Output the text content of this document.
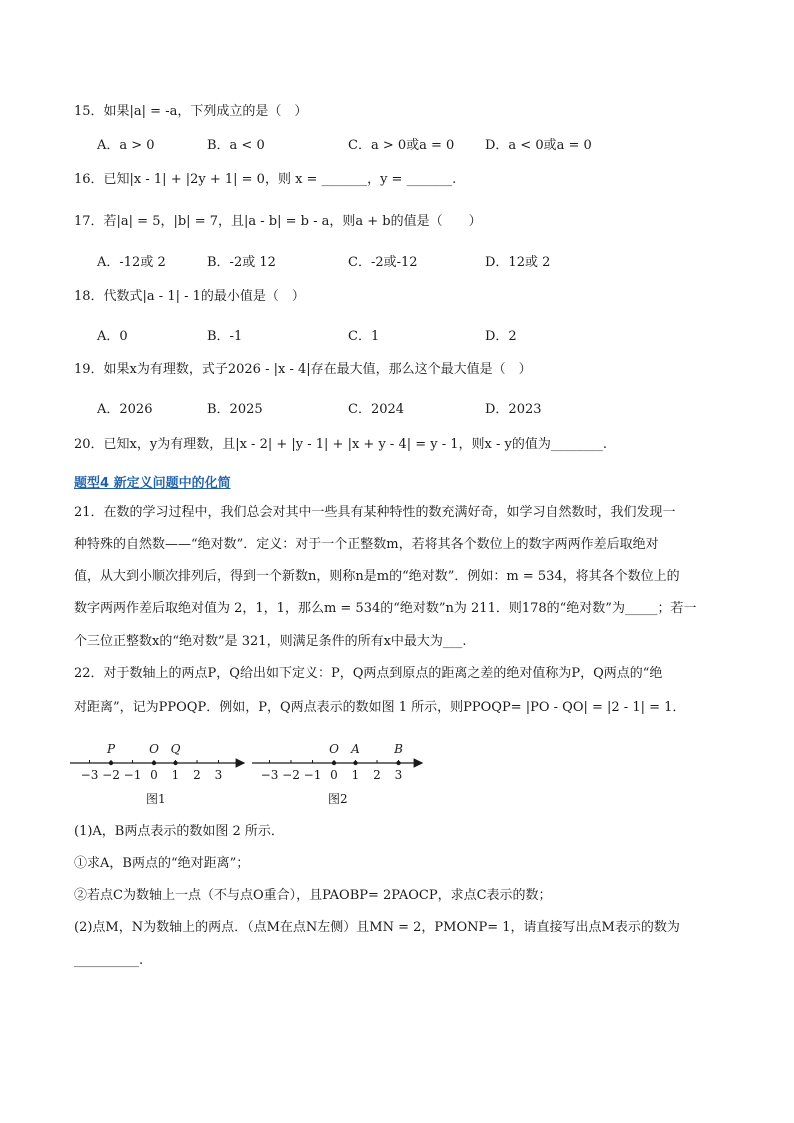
15．如果|a| = -a，下列成立的是（　）
A．a > 0	B．a < 0	C．a > 0或a = 0 D．a < 0或a = 0
16．已知|x - 1| + |2y + 1| = 0，则 x = _______，y = _______.
17．若|a| = 5，|b| = 7，且|a - b| = b - a，则a + b的值是（　　）
A．-12或 2	B．-2或 12	C．-2或-12	D．12或 2
18．代数式|a - 1| - 1的最小值是（　）
A．0	B．-1	C．1	D．2
19．如果x为有理数，式子2026 - |x - 4|存在最大值，那么这个最大值是（　）
A．2026	B．2025	C．2024	D．2023
20．已知x，y为有理数，且|x - 2| + |y - 1| + |x + y - 4| = y - 1，则x - y的值为________.
题型4 新定义问题中的化简
21．在数的学习过程中，我们总会对其中一些具有某种特性的数充满好奇，如学习自然数时，我们发现一
种特殊的自然数——“绝对数”．定义：对于一个正整数m，若将其各个数位上的数字两两作差后取绝对
值，从大到小顺次排列后，得到一个新数n，则称n是m的“绝对数”．例如：m = 534，将其各个数位上的
数字两两作差后取绝对值为 2，1，1，那么m = 534的“绝对数”n为 211．则178的“绝对数”为_____；若一
个三位正整数x的“绝对数”是 321，则满足条件的所有x中最大为___.
22．对于数轴上的两点P，Q给出如下定义：P，Q两点到原点的距离之差的绝对值称为P，Q两点的“绝
对距离”，记为PPOQP．例如，P，Q两点表示的数如图 1 所示，则PPOQP= |PO - QO| = |2 - 1| = 1．
−3 −2 −1 0 1 2 3
P	O Q
图1
−3 −2 −1 0 1 2 3
O A	B
图2
(1)A，B两点表示的数如图 2 所示．
①求A，B两点的“绝对距离”；
②若点C为数轴上一点（不与点O重合），且PAOBP= 2PAOCP，求点C表示的数；
(2)点M，N为数轴上的两点．（点M在点N左侧）且MN = 2，PMONP= 1，请直接写出点M表示的数为
__________.
